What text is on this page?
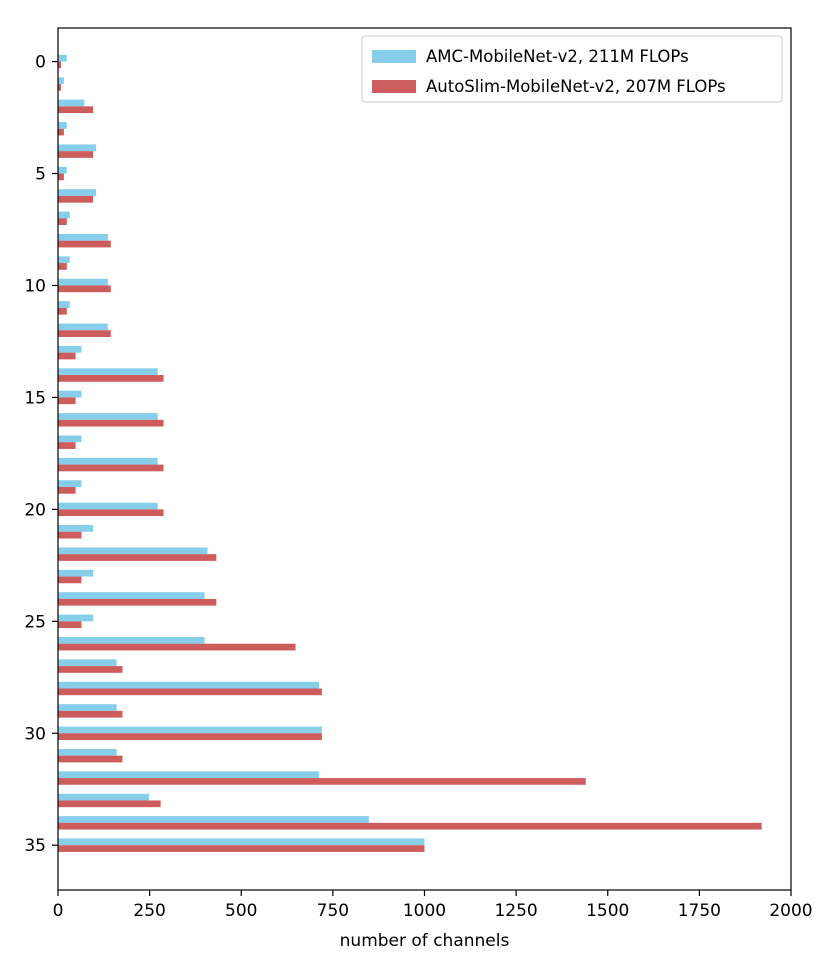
0	250	500	750	1000	1250	1500	1750	2000
0
5
10
15
20
25
30
35
number of channels
AMC-MobileNet-v2, 211M FLOPs
AutoSlim-MobileNet-v2, 207M FLOPs
